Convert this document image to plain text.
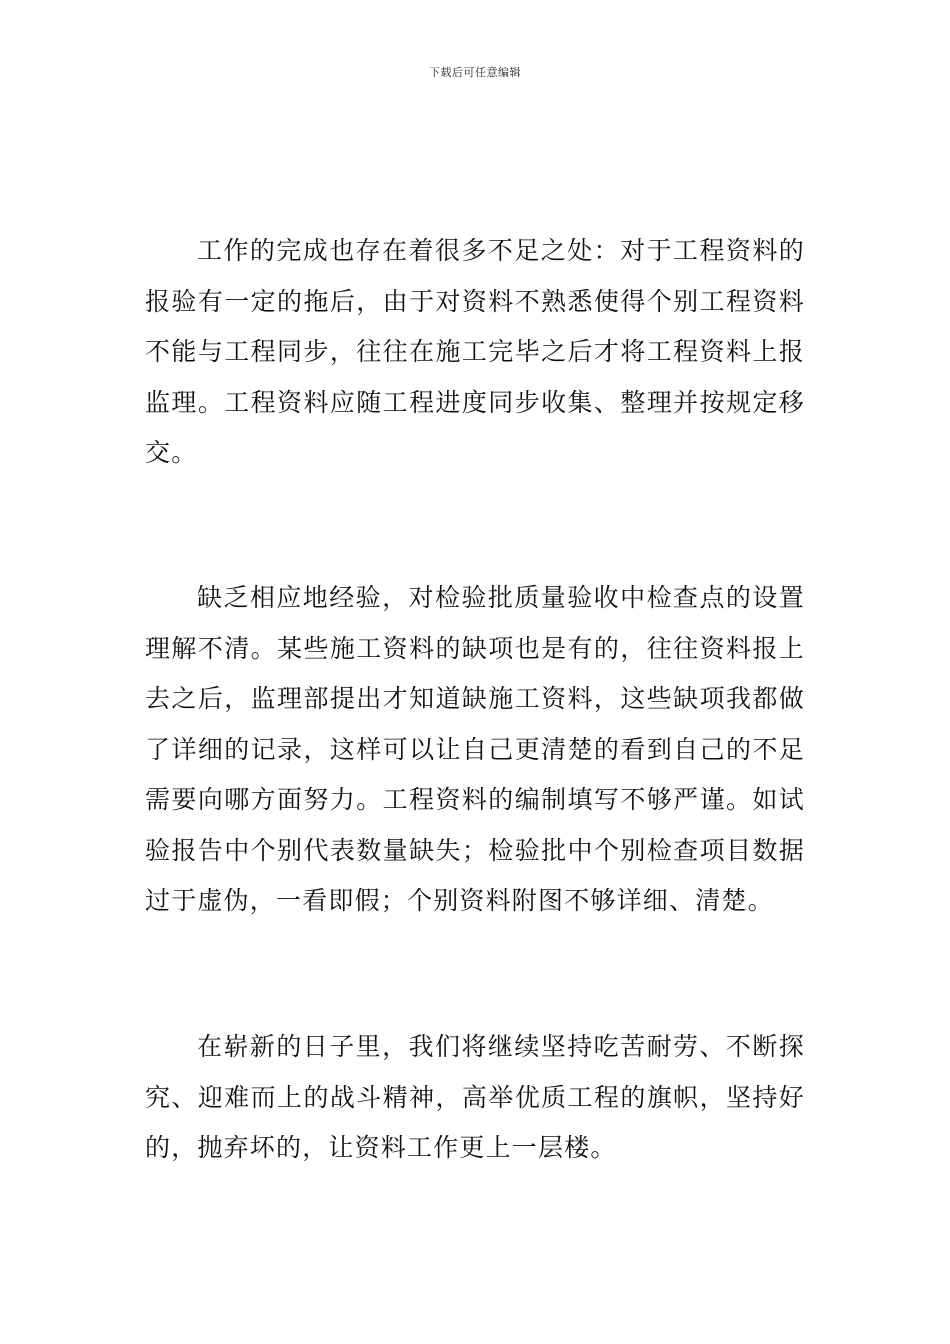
下载后可任意编辑

工作的完成也存在着很多不足之处：对于工程资料的报验有一定的拖后，由于对资料不熟悉使得个别工程资料不能与工程同步，往往在施工完毕之后才将工程资料上报监理。工程资料应随工程进度同步收集、整理并按规定移交。

缺乏相应地经验，对检验批质量验收中检查点的设置理解不清。某些施工资料的缺项也是有的，往往资料报上去之后，监理部提出才知道缺施工资料，这些缺项我都做了详细的记录，这样可以让自己更清楚的看到自己的不足需要向哪方面努力。工程资料的编制填写不够严谨。如试验报告中个别代表数量缺失；检验批中个别检查项目数据过于虚伪，一看即假；个别资料附图不够详细、清楚。

在崭新的日子里，我们将继续坚持吃苦耐劳、不断探究、迎难而上的战斗精神，高举优质工程的旗帜，坚持好的，抛弃坏的，让资料工作更上一层楼。
